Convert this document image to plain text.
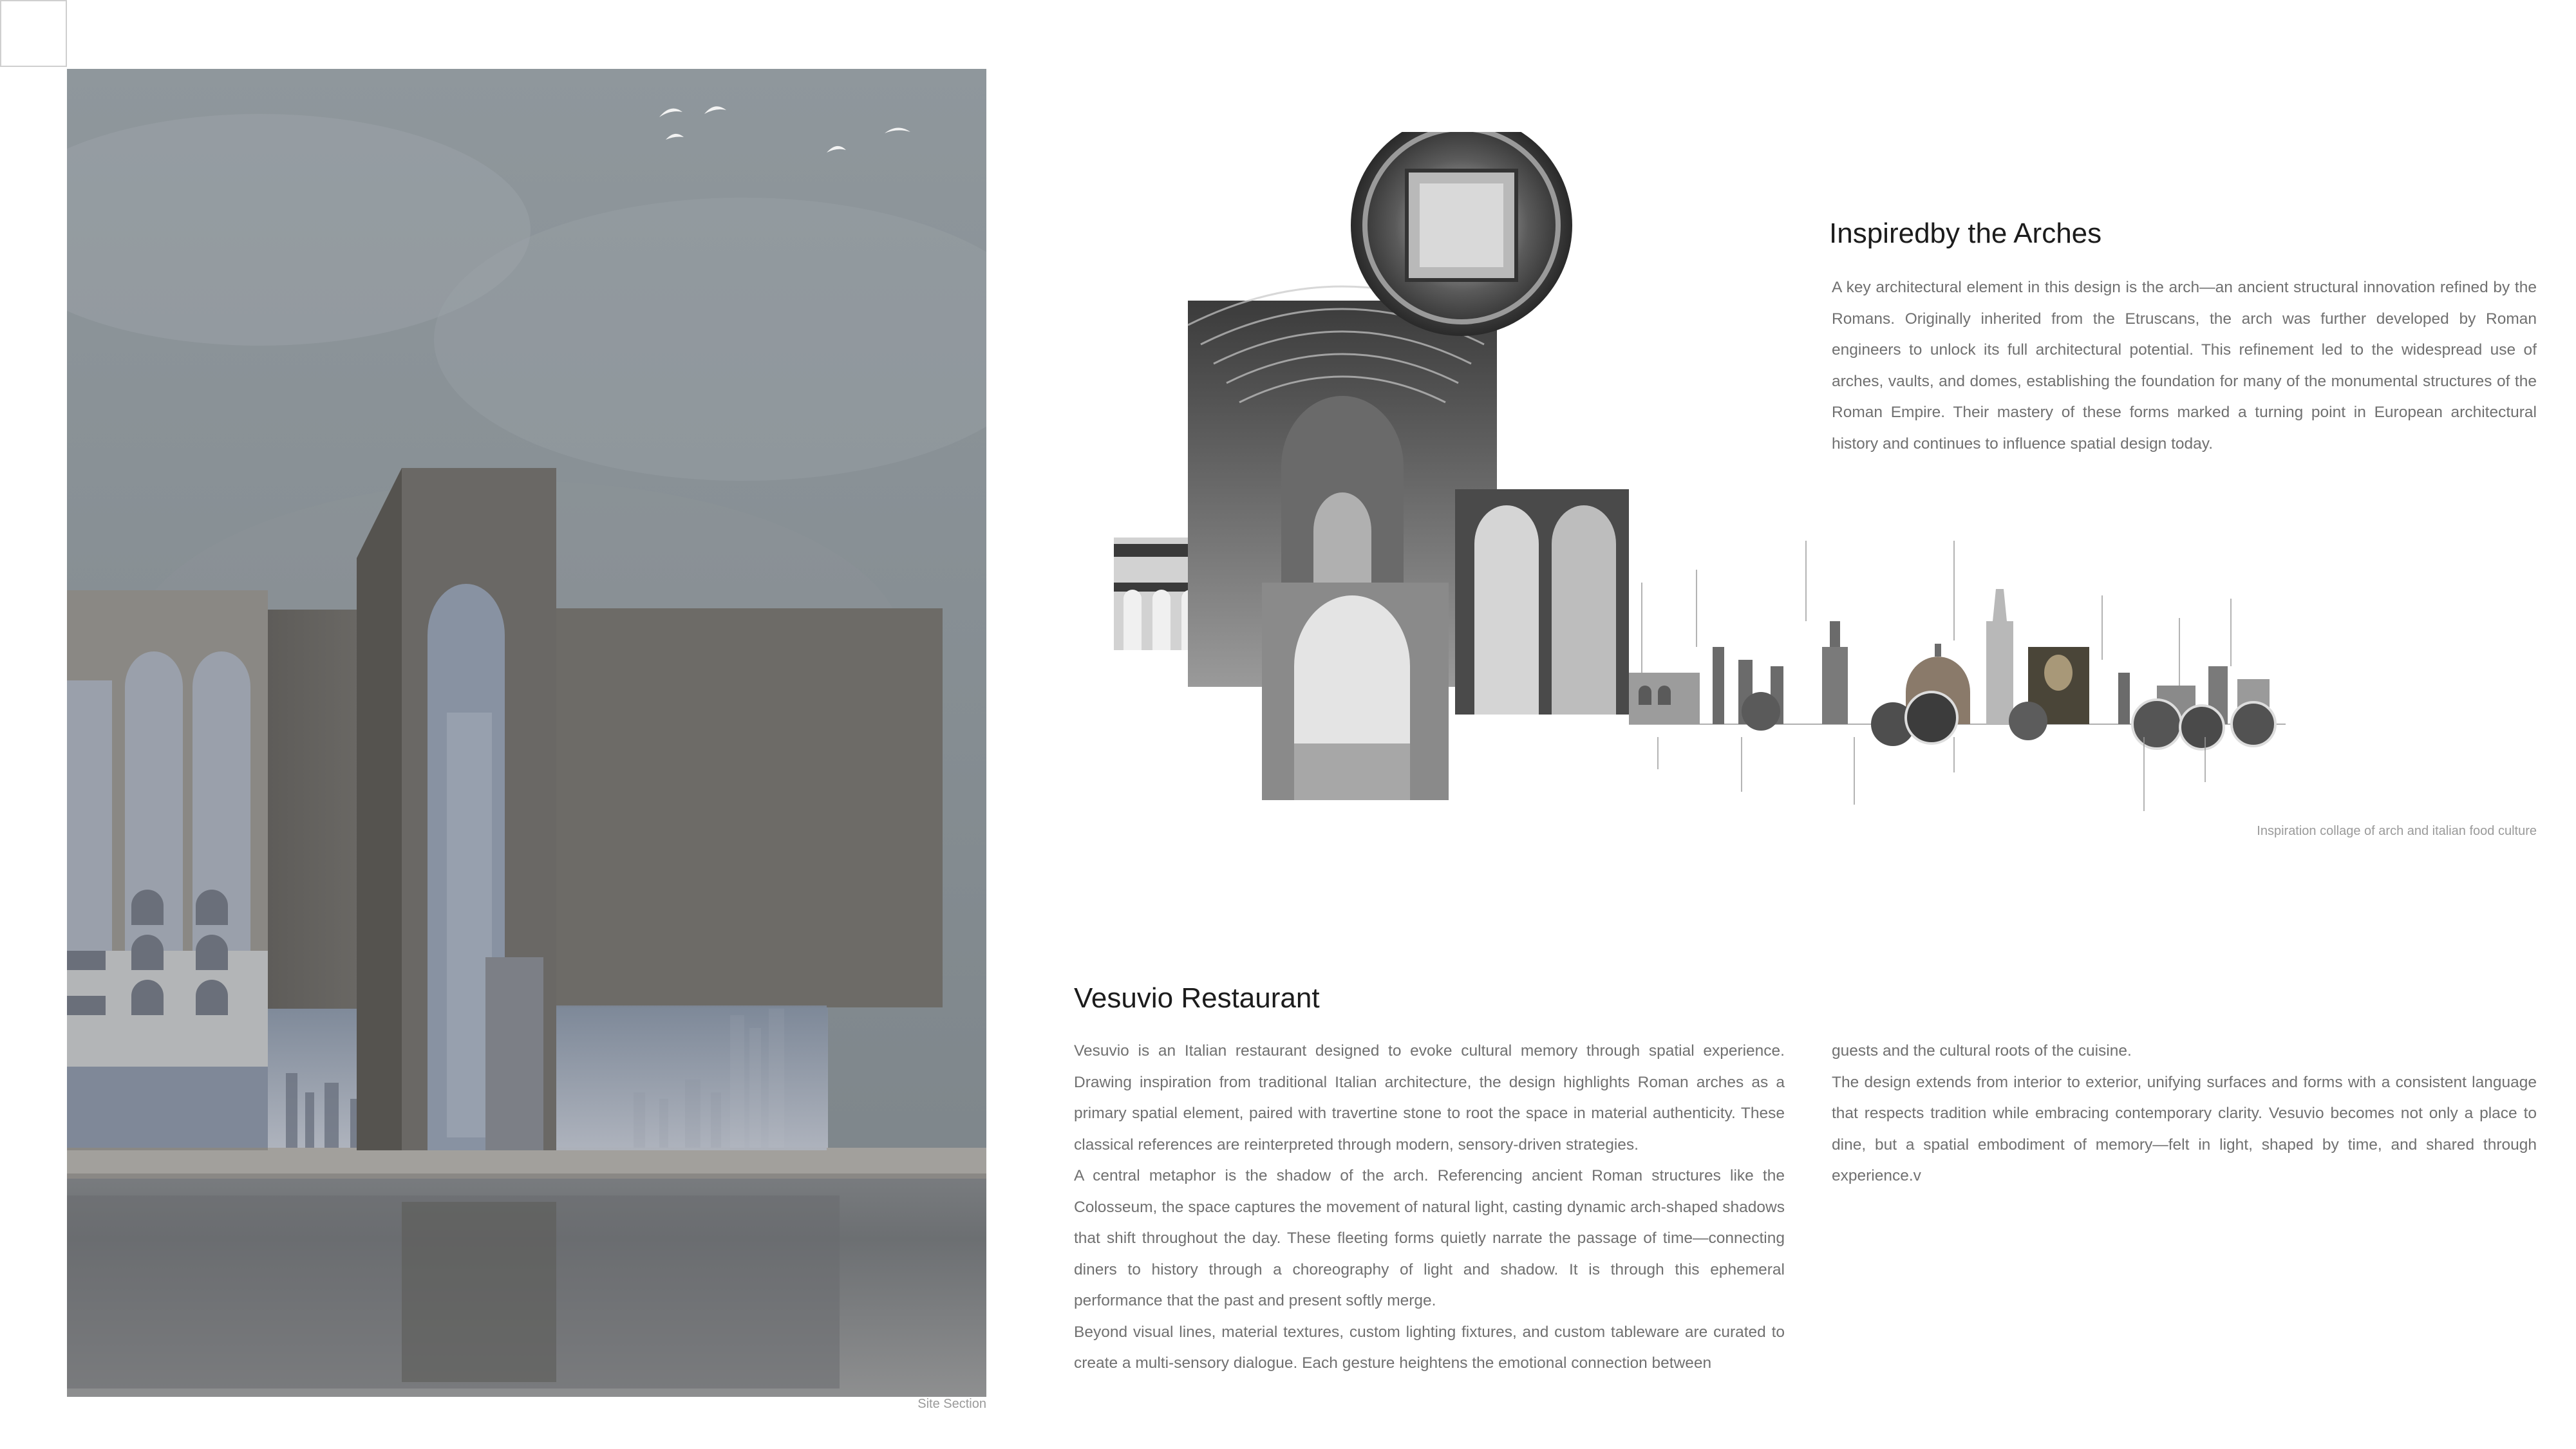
Site Section
Inspiration collage of arch and italian food culture
Inspiredby the Arches

A key architectural element in this design is the arch—an ancient structural innovation refined by the Romans. Originally inherited from the Etruscans, the arch was further developed by Roman engineers to unlock its full architectural potential. This refinement led to the widespread use of arches, vaults, and domes, establishing the foundation for many of the monumental structures of the Roman Empire. Their mastery of these forms marked a turning point in European architectural history and continues to influence spatial design today.

Vesuvio Restaurant

Vesuvio is an Italian restaurant designed to evoke cultural memory through spatial experience. Drawing inspiration from traditional Italian architecture, the design highlights Roman arches as a primary spatial element, paired with travertine stone to root the space in material authenticity. These classical references are reinterpreted through modern, sensory-driven strategies.

A central metaphor is the shadow of the arch. Referencing ancient Roman structures like the Colosseum, the space captures the movement of natural light, casting dynamic arch-shaped shadows that shift throughout the day. These fleeting forms quietly narrate the passage of time—connecting diners to history through a choreography of light and shadow. It is through this ephemeral performance that the past and present softly merge.

Beyond visual lines, material textures, custom lighting fixtures, and custom tableware are curated to create a multi-sensory dialogue. Each gesture heightens the emotional connection between

guests and the cultural roots of the cuisine.

The design extends from interior to exterior, unifying surfaces and forms with a consistent language that respects tradition while embracing contemporary clarity. Vesuvio becomes not only a place to dine, but a spatial embodiment of memory—felt in light, shaped by time, and shared through experience.v
